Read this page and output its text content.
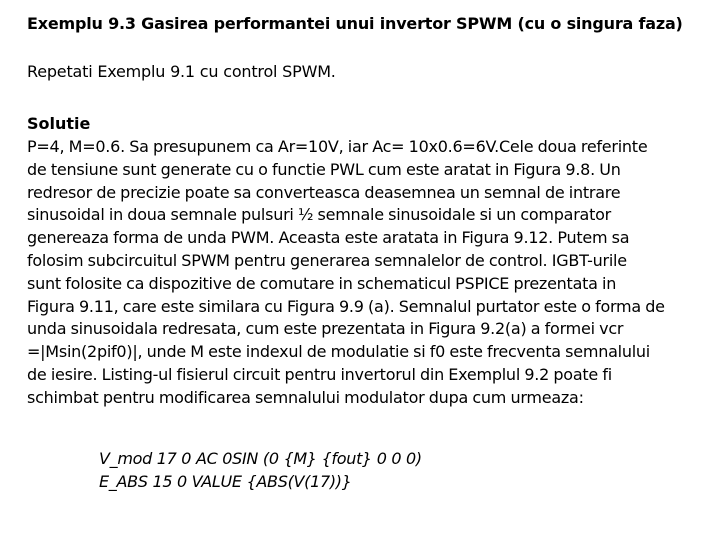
Exemplu 9.3 Gasirea performantei unui invertor SPWM (cu o singura faza)
Repetati Exemplu 9.1 cu control SPWM.
Solutie
P=4, M=0.6. Sa presupunem ca Ar=10V, iar Ac= 10x0.6=6V.Cele doua referinte
de tensiune sunt generate cu o functie PWL cum este aratat in Figura 9.8. Un
redresor de precizie poate sa converteasca deasemnea un semnal de intrare
sinusoidal in doua semnale pulsuri ½ semnale sinusoidale si un comparator
genereaza forma de unda PWM. Aceasta este aratata in Figura 9.12. Putem sa
folosim subcircuitul SPWM pentru generarea semnalelor de control. IGBT-urile
sunt folosite ca dispozitive de comutare in schematicul PSPICE prezentata in
Figura 9.11, care este similara cu Figura 9.9 (a). Semnalul purtator este o forma de
unda sinusoidala redresata, cum este prezentata in Figura 9.2(a) a formei vcr
=|Msin(2pif0)|, unde M este indexul de modulatie si f0 este frecventa semnalului
de iesire. Listing-ul fisierul circuit pentru invertorul din Exemplul 9.2 poate fi
schimbat pentru modificarea semnalului modulator dupa cum urmeaza:
V_mod 17 0 AC 0SIN (0 {M} {fout} 0 0 0)
E_ABS 15 0 VALUE {ABS(V(17))}
